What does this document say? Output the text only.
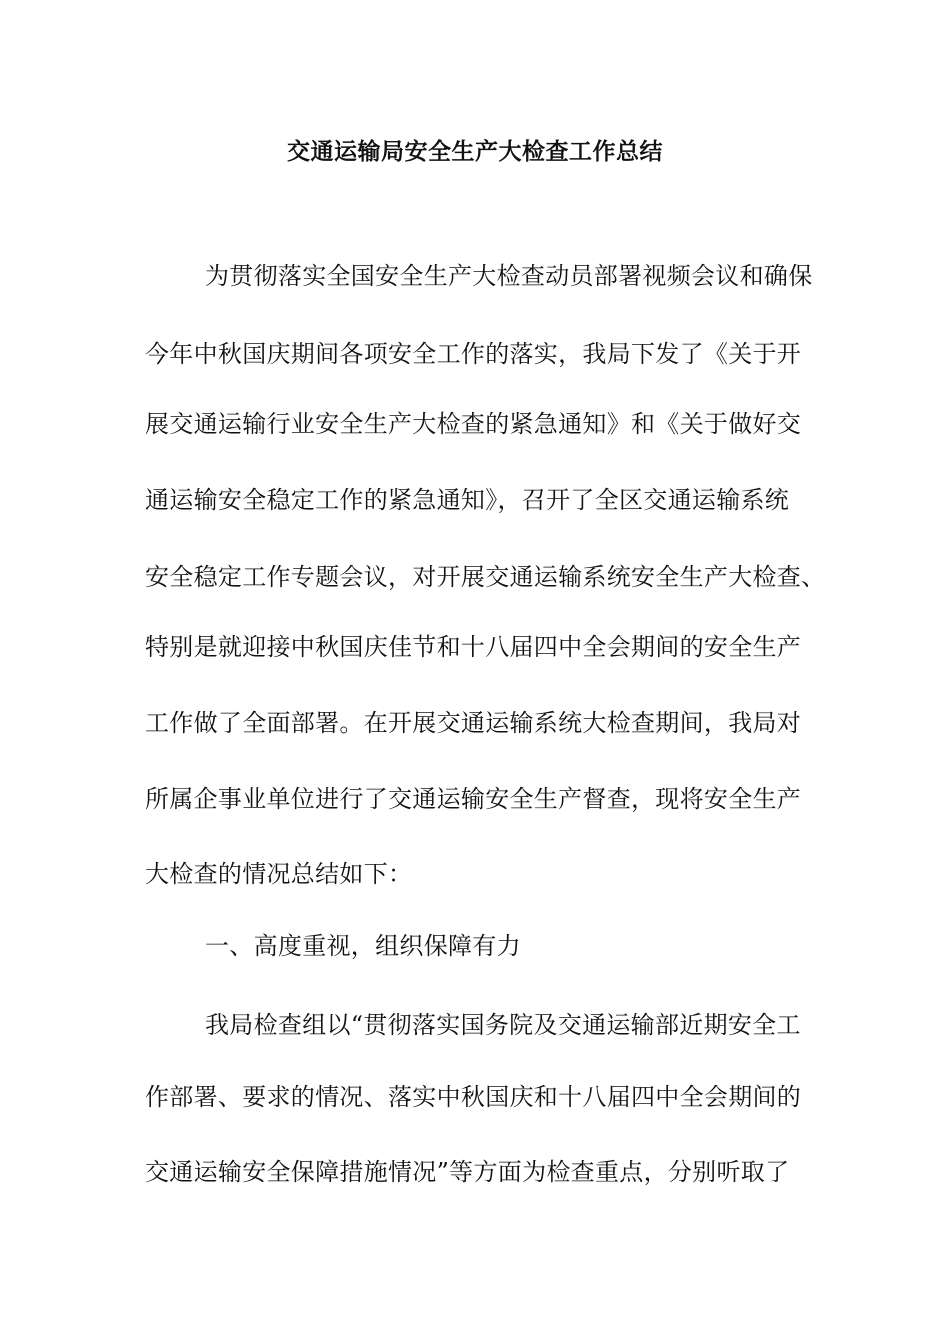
交通运输局安全生产大检查工作总结

为贯彻落实全国安全生产大检查动员部署视频会议和确保

今年中秋国庆期间各项安全工作的落实，我局下发了《关于开

展交通运输行业安全生产大检查的紧急通知》和《关于做好交

通运输安全稳定工作的紧急通知》，召开了全区交通运输系统

安全稳定工作专题会议，对开展交通运输系统安全生产大检查、

特别是就迎接中秋国庆佳节和十八届四中全会期间的安全生产

工作做了全面部署。在开展交通运输系统大检查期间，我局对

所属企事业单位进行了交通运输安全生产督查，现将安全生产

大检查的情况总结如下：

一、高度重视，组织保障有力

我局检查组以“贯彻落实国务院及交通运输部近期安全工

作部署、要求的情况、落实中秋国庆和十八届四中全会期间的

交通运输安全保障措施情况”等方面为检查重点，分别听取了
